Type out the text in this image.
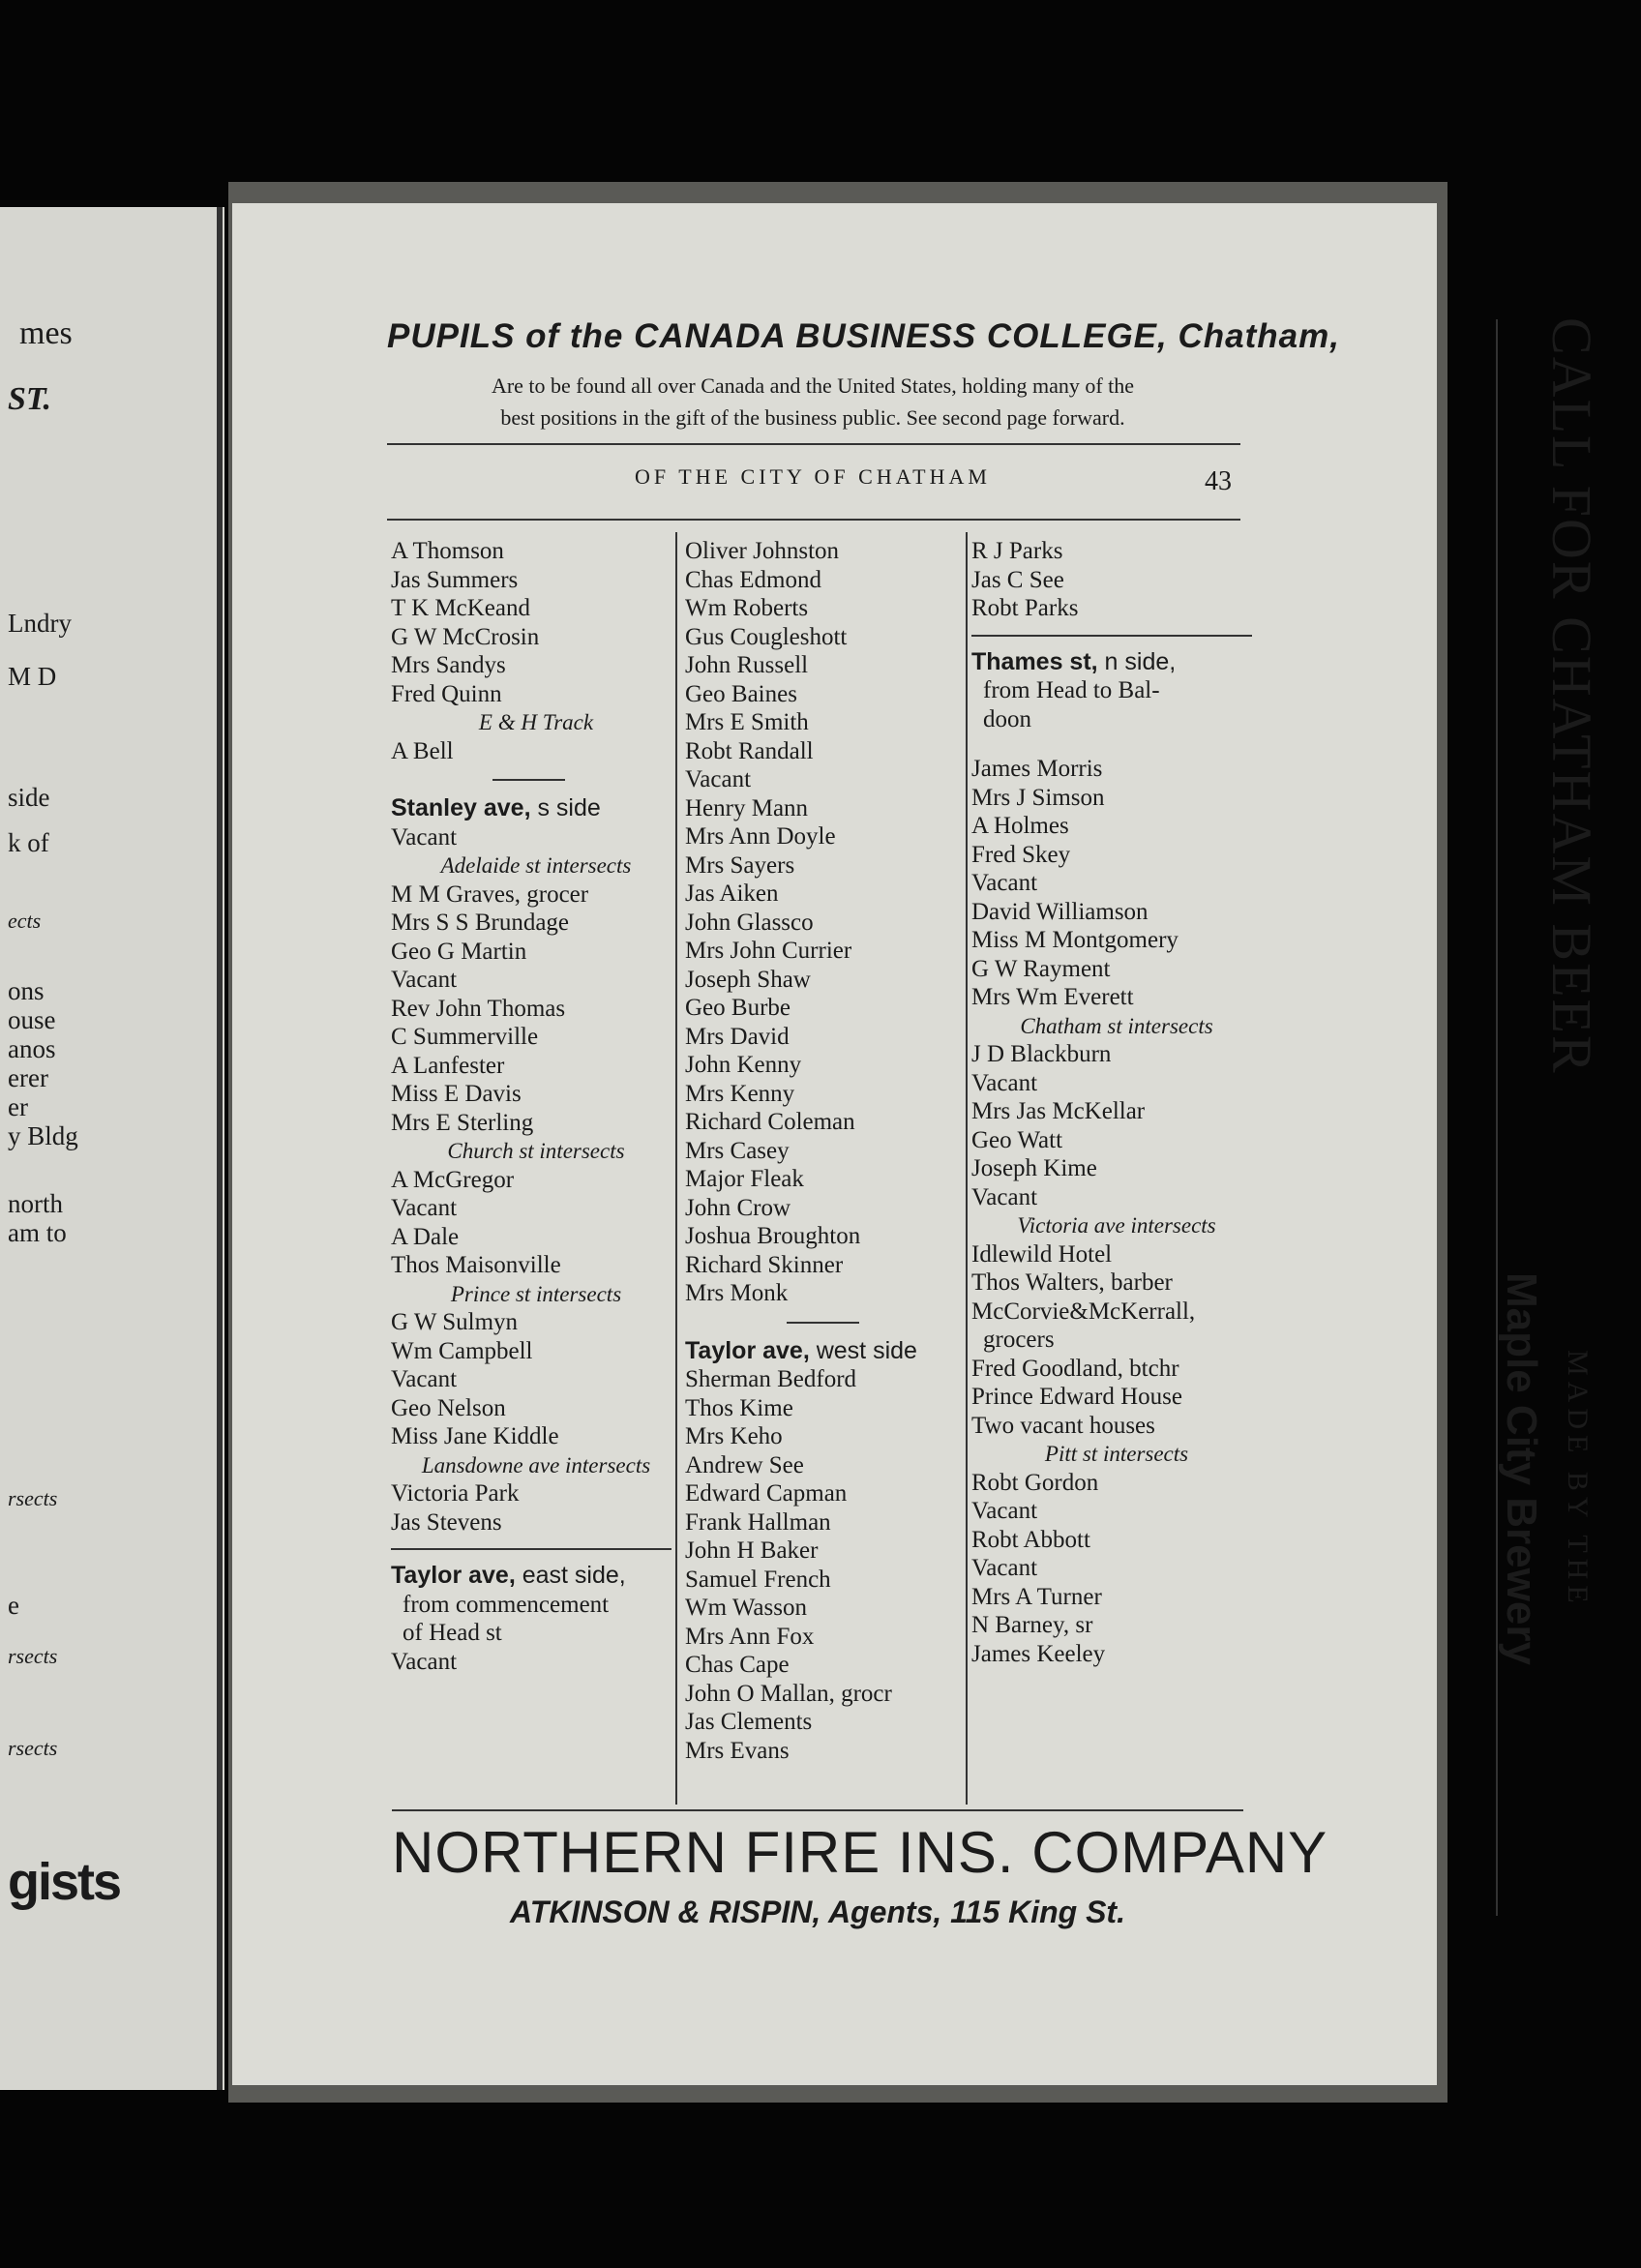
mes
ST.
Lndry
M D
side
k of
ects
ons
ouse
anos
erer
er
y Bldg
north
am to
rsects
e
rsects
rsects
gists
PUPILS of the CANADA BUSINESS COLLEGE, Chatham,
Are to be found all over Canada and the United States, holding many of the
best positions in the gift of the business public. See second page forward.
OF THE CITY OF CHATHAM	43
A Thomson
Jas Summers
T K McKeand
G W McCrosin
Mrs Sandys
Fred Quinn
E & H Track
A Bell
Stanley ave, s side
Vacant
Adelaide st intersects
M M Graves, grocer
Mrs S S Brundage
Geo G Martin
Vacant
Rev John Thomas
C Summerville
A Lanfester
Miss E Davis
Mrs E Sterling
Church st intersects
A McGregor
Vacant
A Dale
Thos Maisonville
Prince st intersects
G W Sulmyn
Wm Campbell
Vacant
Geo Nelson
Miss Jane Kiddle
Lansdowne ave intersects
Victoria Park
Jas Stevens
Taylor ave, east side,
from commencement
of Head st
Vacant
Oliver Johnston
Chas Edmond
Wm Roberts
Gus Cougleshott
John Russell
Geo Baines
Mrs E Smith
Robt Randall
Vacant
Henry Mann
Mrs Ann Doyle
Mrs Sayers
Jas Aiken
John Glassco
Mrs John Currier
Joseph Shaw
Geo Burbe
Mrs David
John Kenny
Mrs Kenny
Richard Coleman
Mrs Casey
Major Fleak
John Crow
Joshua Broughton
Richard Skinner
Mrs Monk
Taylor ave, west side
Sherman Bedford
Thos Kime
Mrs Keho
Andrew See
Edward Capman
Frank Hallman
John H Baker
Samuel French
Wm Wasson
Mrs Ann Fox
Chas Cape
John O Mallan, grocr
Jas Clements
Mrs Evans
R J Parks
Jas C See
Robt Parks
Thames st, n side,
from Head to Bal-
doon
James Morris
Mrs J Simson
A Holmes
Fred Skey
Vacant
David Williamson
Miss M Montgomery
G W Rayment
Mrs Wm Everett
Chatham st intersects
J D Blackburn
Vacant
Mrs Jas McKellar
Geo Watt
Joseph Kime
Vacant
Victoria ave intersects
Idlewild Hotel
Thos Walters, barber
McCorvie&McKerrall,
grocers
Fred Goodland, btchr
Prince Edward House
Two vacant houses
Pitt st intersects
Robt Gordon
Vacant
Robt Abbott
Vacant
Mrs A Turner
N Barney, sr
James Keeley
NORTHERN FIRE INS. COMPANY
ATKINSON & RISPIN, Agents, 115 King St.
CALL FOR CHATHAM BEER
Maple City Brewery MADE BY THE
